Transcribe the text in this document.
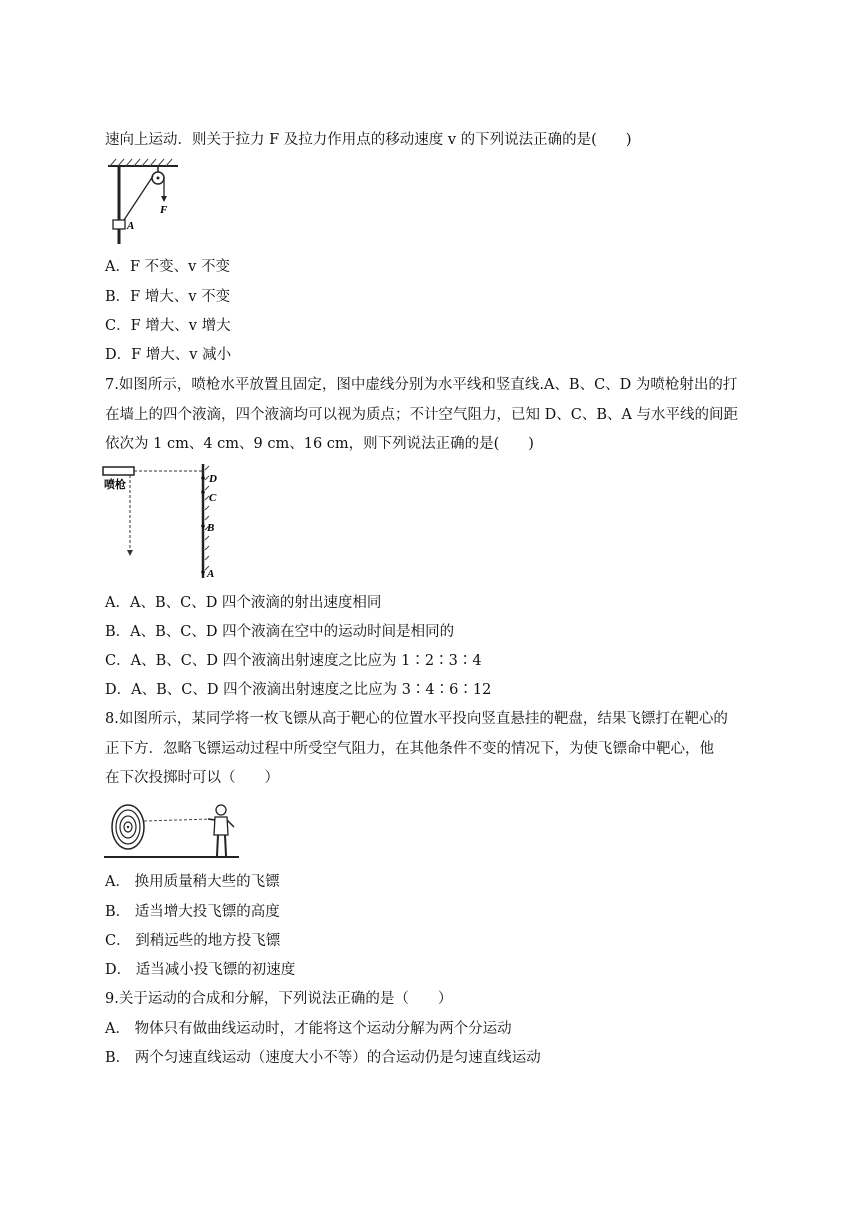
速向上运动．则关于拉力 F 及拉力作用点的移动速度 v 的下列说法正确的是(　　)
F
A
A．F 不变、v 不变
B．F 增大、v 不变
C．F 增大、v 增大
D．F 增大、v 减小
7.如图所示，喷枪水平放置且固定，图中虚线分别为水平线和竖直线.A、B、C、D 为喷枪射出的打
在墙上的四个液滴，四个液滴均可以视为质点；不计空气阻力，已知 D、C、B、A 与水平线的间距
依次为 1 cm、4 cm、9 cm、16 cm，则下列说法正确的是(　　)
喷枪	D
C
B
A
A．A、B、C、D 四个液滴的射出速度相同
B．A、B、C、D 四个液滴在空中的运动时间是相同的
C．A、B、C、D 四个液滴出射速度之比应为 1∶2∶3∶4
D．A、B、C、D 四个液滴出射速度之比应为 3∶4∶6∶12
8.如图所示，某同学将一枚飞镖从高于靶心的位置水平投向竖直悬挂的靶盘，结果飞镖打在靶心的
正下方．忽略飞镖运动过程中所受空气阻力，在其他条件不变的情况下，为使飞镖命中靶心，他
在下次投掷时可以（　　）
A． 换用质量稍大些的飞镖
B． 适当增大投飞镖的高度
C． 到稍远些的地方投飞镖
D． 适当减小投飞镖的初速度
9.关于运动的合成和分解，下列说法正确的是（　　）
A． 物体只有做曲线运动时，才能将这个运动分解为两个分运动
B． 两个匀速直线运动（速度大小不等）的合运动仍是匀速直线运动
